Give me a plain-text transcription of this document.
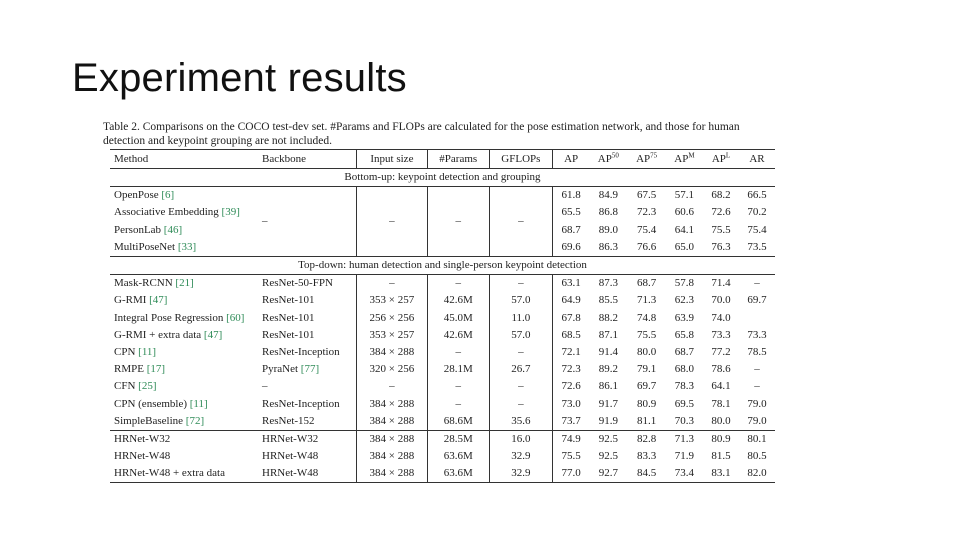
Experiment results
Table 2. Comparisons on the COCO test-dev set. #Params and FLOPs are calculated for the pose estimation network, and those for human
detection and keypoint grouping are not included.
Method	Backbone	Input size	#Params	GFLOPs	AP	AP$^{50}$	AP$^{75}$	$AP^M$	$AP^L$	AR
Bottom-up: keypoint detection and grouping										
OpenPose [6]	–	–	–	–	61.8	84.9	67.5	57.1	68.2	66.5
Associative Embedding [39]					65.5	86.8	72.3	60.6	72.6	70.2
PersonLab [46]					68.7	89.0	75.4	64.1	75.5	75.4
MultiPoseNet [33]					69.6	86.3	76.6	65.0	76.3	73.5
Top-down: human detection and single-person keypoint detection										
Mask-RCNN [21]	ResNet-50-FPN	–	–	–	63.1	87.3	68.7	57.8	71.4	–
G-RMI [47]	ResNet-101	353 × 257	42.6M	57.0	64.9	85.5	71.3	62.3	70.0	69.7
Integral Pose Regression [60]	ResNet-101	256 × 256	45.0M	11.0	67.8	88.2	74.8	63.9	74.0	
G-RMI + extra data [47]	ResNet-101	353 × 257	42.6M	57.0	68.5	87.1	75.5	65.8	73.3	73.3
CPN [11]	ResNet-Inception	384 × 288	–	–	72.1	91.4	80.0	68.7	77.2	78.5
RMPE [17]	PyraNet [77]	320 × 256	28.1M	26.7	72.3	89.2	79.1	68.0	78.6	–
CFN [25]	–	–	–	–	72.6	86.1	69.7	78.3	64.1	–
CPN (ensemble) [11]	ResNet-Inception	384 × 288	–	–	73.0	91.7	80.9	69.5	78.1	79.0
SimpleBaseline [72]	ResNet-152	384 × 288	68.6M	35.6	73.7	91.9	81.1	70.3	80.0	79.0
HRNet-W32	HRNet-W32	384 × 288	28.5M	16.0	74.9	92.5	82.8	71.3	80.9	80.1
HRNet-W48	HRNet-W48	384 × 288	63.6M	32.9	75.5	92.5	83.3	71.9	81.5	80.5
HRNet-W48 + extra data	HRNet-W48	384 × 288	63.6M	32.9	77.0	92.7	84.5	73.4	83.1	82.0
